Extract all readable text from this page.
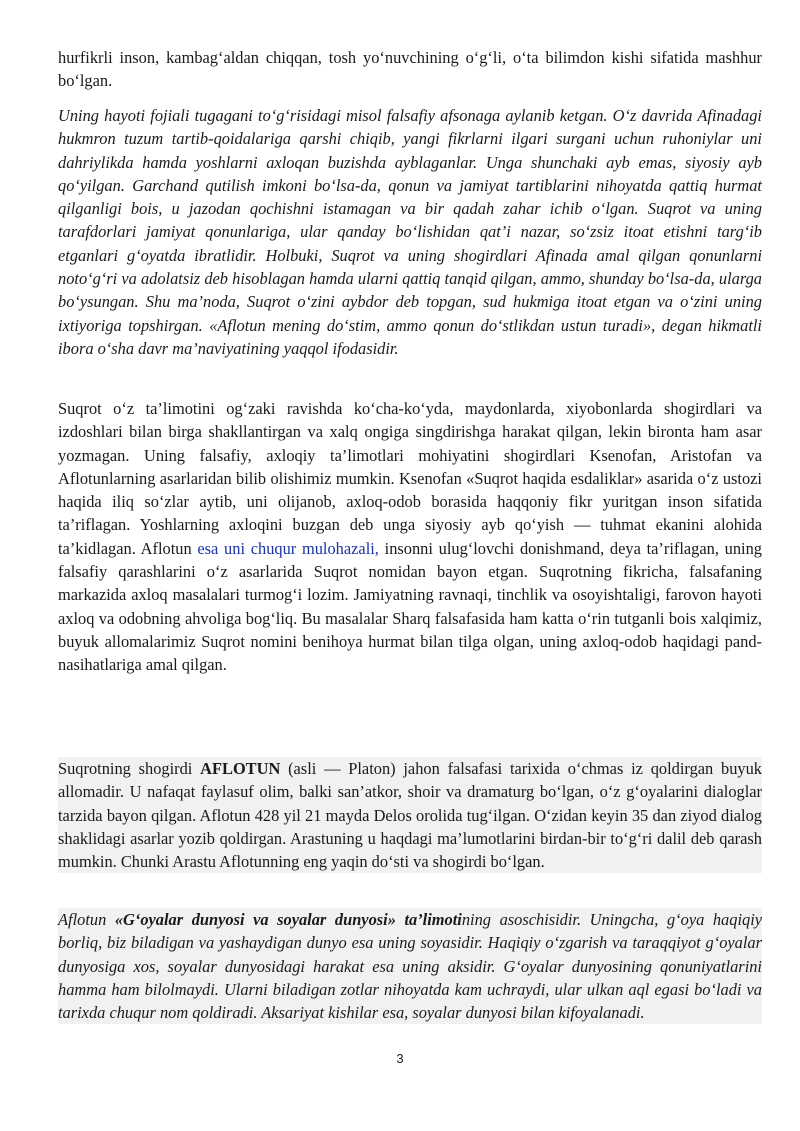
hurfikrli inson, kambag‘aldan chiqqan, tosh yo‘nuvchining o‘g‘li, o‘ta bilimdon kishi sifatida mashhur bo‘lgan.

Uning hayoti fojiali tugagani to‘g‘risidagi misol falsafiy afsonaga aylanib ketgan. O‘z davrida Afinadagi hukmron tuzum tartib-qoidalariga qarshi chiqib, yangi fikrlarni ilgari surgani uchun ruhoniylar uni dahriylikda hamda yoshlarni axloqan buzishda ayblaganlar. Unga shunchaki ayb emas, siyosiy ayb qo‘yilgan. Garchand qutilish imkoni bo‘lsa-da, qonun va jamiyat tartiblarini nihoyatda qattiq hurmat qilganligi bois, u jazodan qochishni istamagan va bir qadah zahar ichib o‘lgan. Suqrot va uning tarafdorlari jamiyat qonunlariga, ular qanday bo‘lishidan qat’i nazar, so‘zsiz itoat etishni targ‘ib etganlari g‘oyatda ibratlidir. Holbuki, Suqrot va uning shogirdlari Afinada amal qilgan qonunlarni noto‘g‘ri va adolatsiz deb hisoblagan hamda ularni qattiq tanqid qilgan, ammo, shunday bo‘lsa-da, ularga bo‘ysungan. Shu ma’noda, Suqrot o‘zini aybdor deb topgan, sud hukmiga itoat etgan va o‘zini uning ixtiyoriga topshirgan. «Aflotun mening do‘stim, ammo qonun do‘stlikdan ustun turadi», degan hikmatli ibora o‘sha davr ma’naviyatining yaqqol ifodasidir.

Suqrot o‘z ta’limotini og‘zaki ravishda ko‘cha-ko‘yda, maydonlarda, xiyobonlarda shogirdlari va izdoshlari bilan birga shakllantirgan va xalq ongiga singdirishga harakat qilgan, lekin bironta ham asar yozmagan. Uning falsafiy, axloqiy ta’limotlari mohiyatini shogirdlari Ksenofan, Aristofan va Aflotunlarning asarlaridan bilib olishimiz mumkin. Ksenofan «Suqrot haqida esdaliklar» asarida o‘z ustozi haqida iliq so‘zlar aytib, uni olijanob, axloq-odob borasida haqqoniy fikr yuritgan inson sifatida ta’riflagan. Yoshlarning axloqini buzgan deb unga siyosiy ayb qo‘yish — tuhmat ekanini alohida ta’kidlagan. Aflotun esa uni chuqur mulohazali, insonni ulug‘lovchi donishmand, deya ta’riflagan, uning falsafiy qarashlarini o‘z asarlarida Suqrot nomidan bayon etgan. Suqrotning fikricha, falsafaning markazida axloq masalalari turmog‘i lozim. Jamiyatning ravnaqi, tinchlik va osoyishtaligi, farovon hayoti axloq va odobning ahvoliga bog‘liq. Bu masalalar Sharq falsafasida ham katta o‘rin tutganli bois xalqimiz, buyuk allomalarimiz Suqrot nomini benihoya hurmat bilan tilga olgan, uning axloq-odob haqidagi pand-nasihatlariga amal qilgan.

Suqrotning shogirdi AFLOTUN (asli — Platon) jahon falsafasi tarixida o‘chmas iz qoldirgan buyuk allomadir. U nafaqat faylasuf olim, balki san’atkor, shoir va dramaturg bo‘lgan, o‘z g‘oyalarini dialoglar tarzida bayon qilgan. Aflotun 428 yil 21 mayda Delos orolida tug‘ilgan. O‘zidan keyin 35 dan ziyod dialog shaklidagi asarlar yozib qoldirgan. Arastuning u haqdagi ma’lumotlarini birdan-bir to‘g‘ri dalil deb qarash mumkin. Chunki Arastu Aflotunning eng yaqin do‘sti va shogirdi bo‘lgan.

Aflotun «G‘oyalar dunyosi va soyalar dunyosi» ta’limotining asoschisidir. Uningcha, g‘oya haqiqiy borliq, biz biladigan va yashaydigan dunyo esa uning soyasidir. Haqiqiy o‘zgarish va taraqqiyot g‘oyalar dunyosiga xos, soyalar dunyosidagi harakat esa uning aksidir. G‘oyalar dunyosining qonuniyatlarini hamma ham bilolmaydi. Ularni biladigan zotlar nihoyatda kam uchraydi, ular ulkan aql egasi bo‘ladi va tarixda chuqur nom qoldiradi. Aksariyat kishilar esa, soyalar dunyosi bilan kifoyalanadi.

3
